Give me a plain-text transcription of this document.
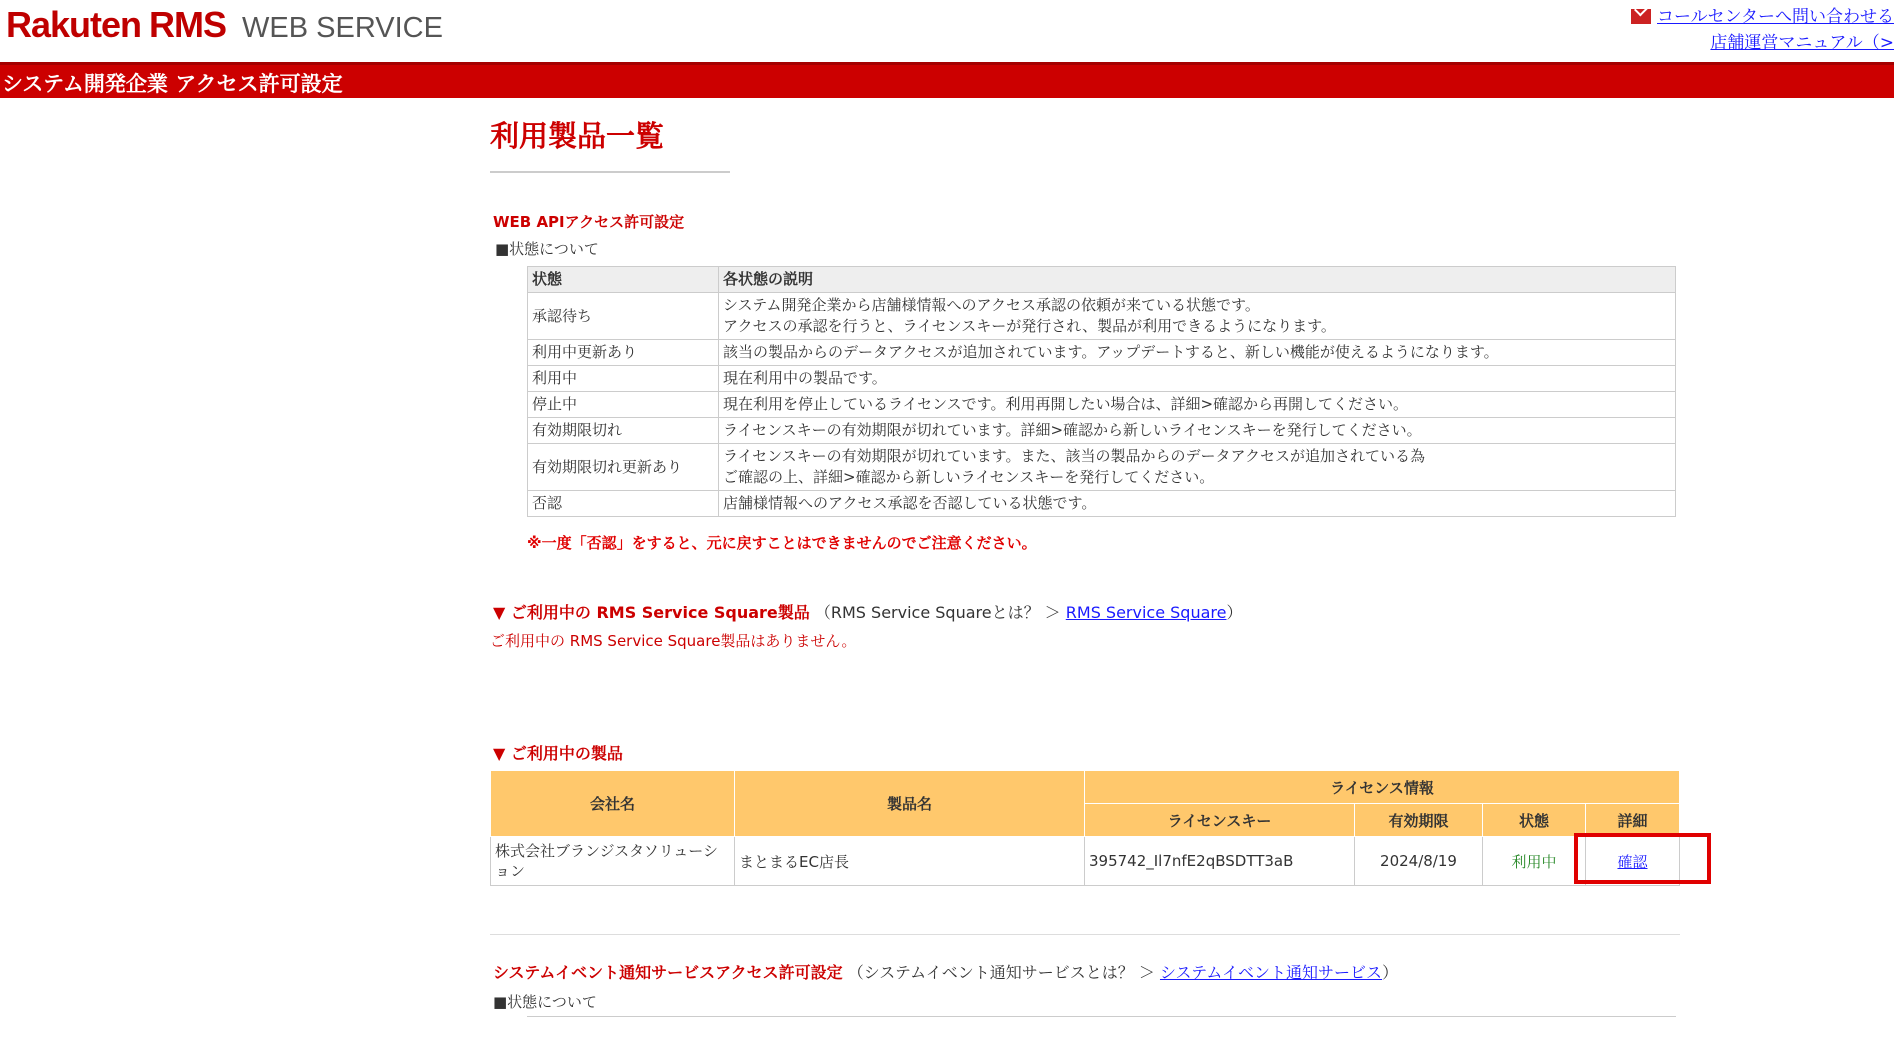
Rakuten RMS WEB SERVICE	コールセンターへ問い合わせる
店舗運営マニュアル（>
システム開発企業 アクセス許可設定
利用製品一覧
WEB APIアクセス許可設定
■状態について
状態	各状態の説明
承認待ち	システム開発企業から店舗様情報へのアクセス承認の依頼が来ている状態です。
アクセスの承認を行うと、ライセンスキーが発行され、製品が利用できるようになります。

利用中更新あり	該当の製品からのデータアクセスが追加されています。アップデートすると、新しい機能が使えるようになります。
利用中	現在利用中の製品です。
停止中	現在利用を停止しているライセンスです。利用再開したい場合は、詳細>確認から再開してください。
有効期限切れ	ライセンスキーの有効期限が切れています。詳細>確認から新しいライセンスキーを発行してください。
有効期限切れ更新あり	ライセンスキーの有効期限が切れています。また、該当の製品からのデータアクセスが追加されている為
ご確認の上、詳細>確認から新しいライセンスキーを発行してください。

否認	店舗様情報へのアクセス承認を否認している状態です。
※一度「否認」をすると、元に戻すことはできませんのでご注意ください。
▼ ご利用中の RMS Service Square製品 （RMS Service Squareとは？ ＞ RMS Service Square）
ご利用中の RMS Service Square製品はありません。
▼ ご利用中の製品
会社名	製品名	ライセンス情報			
		ライセンスキー	有効期限	状態	詳細
株式会社ブランジスタソリューション	まとまるEC店長	395742_Il7nfE2qBSDTT3aB	2024/8/19	利用中	確認
システムイベント通知サービスアクセス許可設定 （システムイベント通知サービスとは？ ＞ システムイベント通知サービス）
■状態について
